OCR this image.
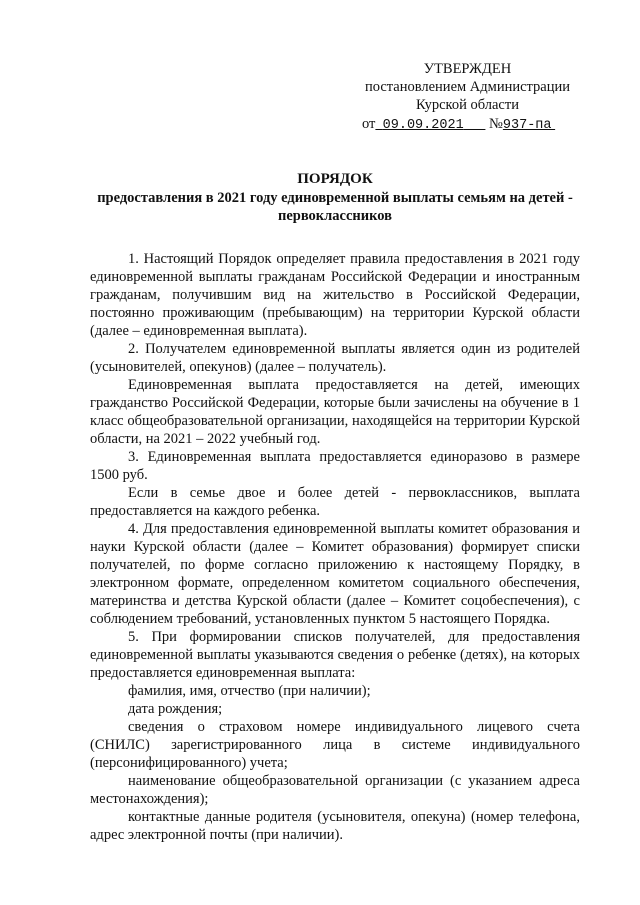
УТВЕРЖДЕН
постановлением Администрации
Курской области
от 09.09.2021 №937-па
ПОРЯДОК
предоставления в 2021 году единовременной выплаты семьям на детей - первоклассников

1. Настоящий Порядок определяет правила предоставления в 2021 году единовременной выплаты гражданам Российской Федерации и иностранным гражданам, получившим вид на жительство в Российской Федерации, постоянно проживающим (пребывающим) на территории Курской области (далее – единовременная выплата).

2. Получателем единовременной выплаты является один из родителей (усыновителей, опекунов) (далее – получатель).

Единовременная выплата предоставляется на детей, имеющих гражданство Российской Федерации, которые были зачислены на обучение в 1 класс общеобразовательной организации, находящейся на территории Курской области, на 2021 – 2022 учебный год.

3. Единовременная выплата предоставляется единоразово в размере 1500 руб.

Если в семье двое и более детей - первоклассников, выплата предоставляется на каждого ребенка.

4. Для предоставления единовременной выплаты комитет образования и науки Курской области (далее – Комитет образования) формирует списки получателей, по форме согласно приложению к настоящему Порядку, в электронном формате, определенном комитетом социального обеспечения, материнства и детства Курской области (далее – Комитет соцобеспечения), с соблюдением требований, установленных пунктом 5 настоящего Порядка.

5. При формировании списков получателей, для предоставления единовременной выплаты указываются сведения о ребенке (детях), на которых предоставляется единовременная выплата:

фамилия, имя, отчество (при наличии);

дата рождения;

сведения о страховом номере индивидуального лицевого счета (СНИЛС) зарегистрированного лица в системе индивидуального (персонифицированного) учета;

наименование общеобразовательной организации (с указанием адреса местонахождения);

контактные данные родителя (усыновителя, опекуна) (номер телефона, адрес электронной почты (при наличии).
